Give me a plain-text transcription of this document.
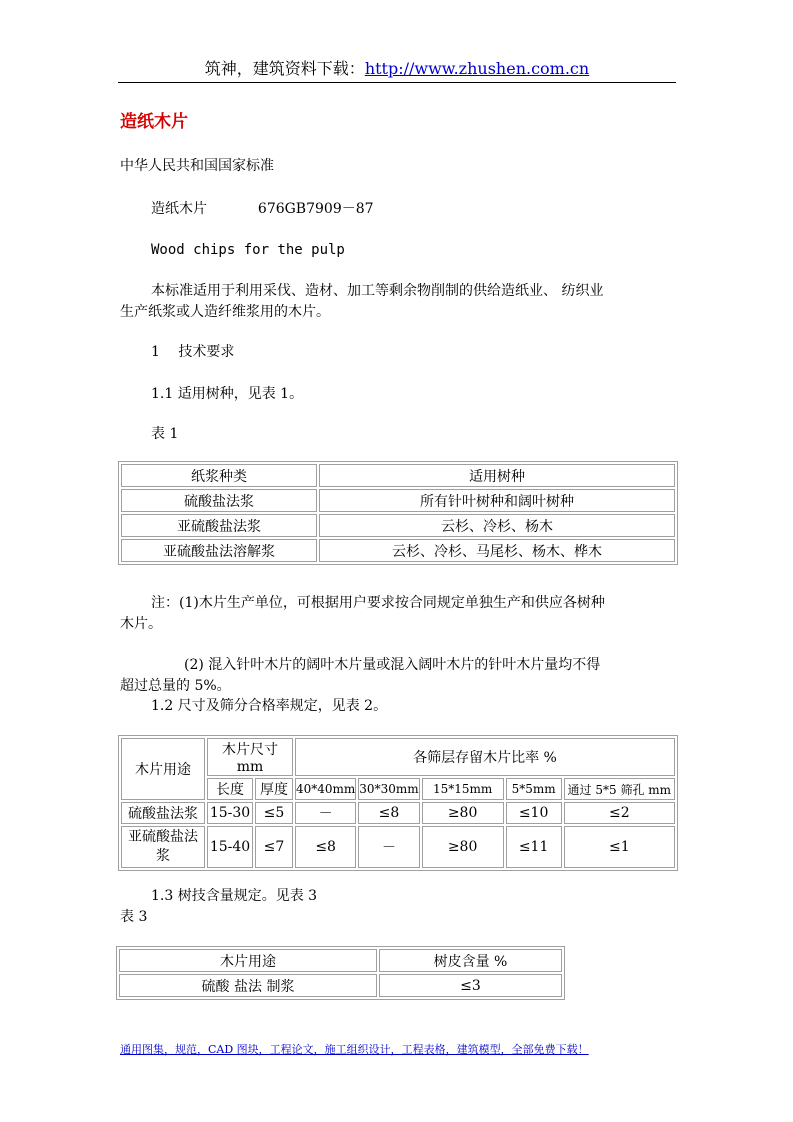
筑神，建筑资料下载：http://www.zhushen.com.cn
造纸木片
中华人民共和国国家标准
造纸木片	676GB7909－87
Wood chips for the pulp
本标准适用于利用采伐、造材、加工等剩余物削制的供给造纸业、 纺织业
生产纸浆或人造纤维浆用的木片。
1　 技术要求
1.1 适用树种，见表 1。
表 1
纸浆种类	适用树种
硫酸盐法浆	所有针叶树种和阔叶树种
亚硫酸盐法浆	云杉、冷杉、杨木
亚硫酸盐法溶解浆	云杉、冷杉、马尾杉、杨木、桦木
注：(1)木片生产单位，可根据用户要求按合同规定单独生产和供应各树种
木片。
(2) 混入针叶木片的阔叶木片量或混入阔叶木片的针叶木片量均不得
超过总量的 5%。
1.2 尺寸及筛分合格率规定，见表 2。
木片用途	木片尺寸 mm		各筛层存留木片比率 %				
	长度	厚度	40*40mm	30*30mm	15*15mm	5*5mm	通过 5*5 筛孔 mm
硫酸盐法浆	15-30	≤5	－	≤8	≥80	≤10	≤2
亚硫酸盐法浆	15-40	≤7	≤8	－	≥80	≤11	≤1
1.3 树技含量规定。见表 3
表 3
木片用途	树皮含量 %
硫酸 盐法 制浆	≤3
通用图集，规范，CAD 图块，工程论文，施工组织设计，工程表格，建筑模型，全部免费下载！
